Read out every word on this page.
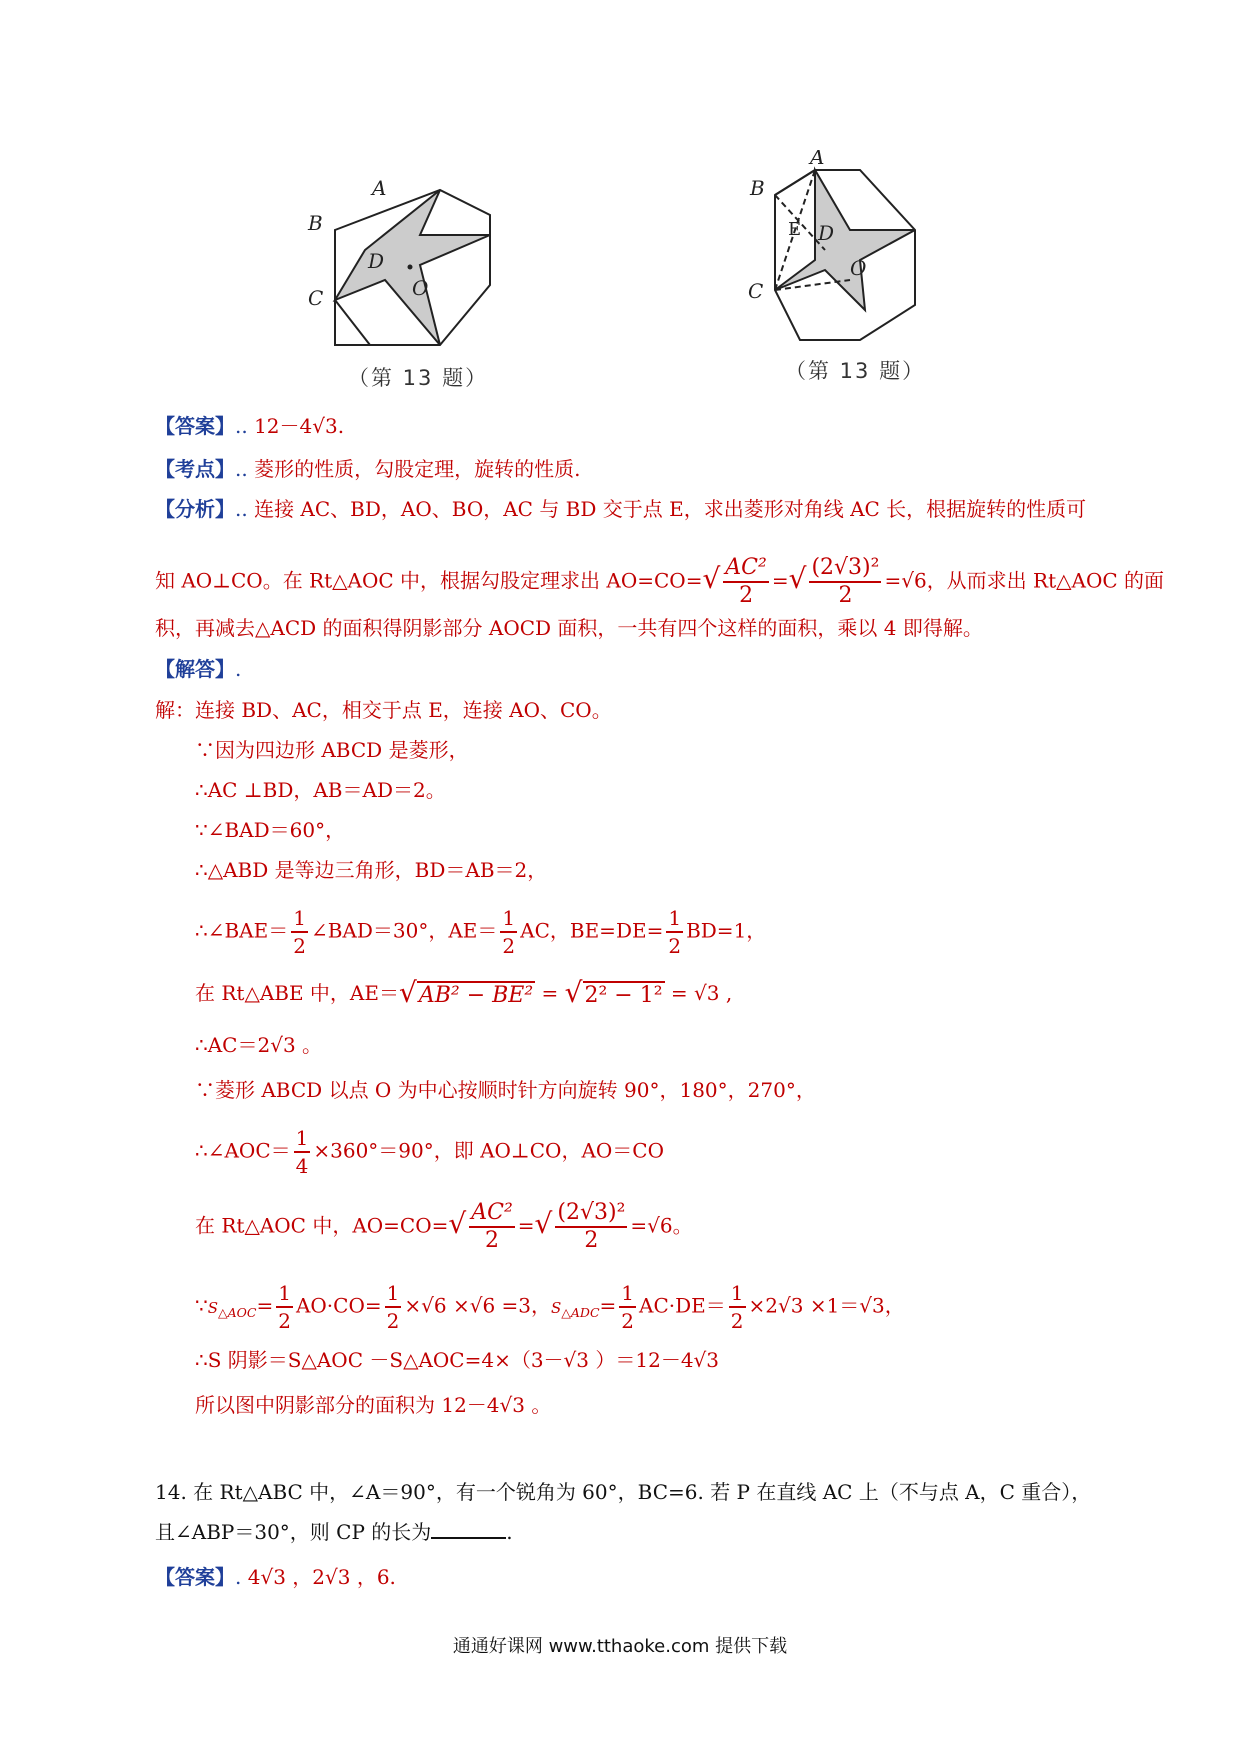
A
B
C
D
O
（第 13 题）
A
B
C
D
E
O
（第 13 题）
【答案】.. 12－4√3.
【考点】.. 菱形的性质，勾股定理，旋转的性质.
【分析】.. 连接 AC、BD，AO、BO，AC 与 BD 交于点 E，求出菱形对角线 AC 长，根据旋转的性质可
知 AO⊥CO。在 Rt△AOC 中，根据勾股定理求出 $AO=CO=√ \frac{\text{AC²}}{2}$ =√ $\frac{\text{(2√3)²}}{2} =√6$，从而求出 Rt△AOC 的面
积，再减去△ACD 的面积得阴影部分 AOCD 面积，一共有四个这样的面积，乘以 4 即得解。
【解答】.
解：连接 BD、AC，相交于点 E，连接 AO、CO。
∵因为四边形 ABCD 是菱形，
∴AC ⊥BD，AB＝AD＝2。
∵∠BAD＝60°，
∴△ABD 是等边三角形，BD＝AB＝2，
∴∠BAE＝ $\frac{1}{2}$ ∠BAD＝30°，$AE= \frac{1}{2}$ AC，$BE=DE= \frac{1}{2} BD=1$，
在 Rt△ABE 中，AE＝√AB² − BE² = √2² − 1² = √3 ,
∴AC＝2√3 。
∵菱形 ABCD 以点 O 为中心按顺时针方向旋转 90°，180°，270°，
∴∠AOC＝ $\frac{1}{4} \times 360^\circ=90^\circ$，即 AO⊥CO，AO＝CO
在 Rt△AOC 中，$AO=CO=√ \frac{\text{AC²}}{2}$ =√ $\frac{\text{(2√3)²}}{2} =√6$。
$\because S_{\triangle AOC}= \frac{1}{2} AO\cdot CO= \frac{1}{2} \times√6 \times√6 =3$，$S_{\triangle ADC}= \frac{1}{2} AC\cdot DE= \frac{1}{2} \times 2√3 \times 1=√3$，
∴S 阴影＝S△AOC －S△AOC=4×（3－√3 ）＝12－4√3
所以图中阴影部分的面积为 12－4√3 。
14. 在 Rt△ABC 中，∠A＝90°，有一个锐角为 60°，BC=6. 若 P 在直线 AC 上（不与点 A，C 重合），
且∠ABP＝30°，则 CP 的长为	.
【答案】. 4√3 ，2√3 ，6.
通通好课网 www.tthaoke.com 提供下载
